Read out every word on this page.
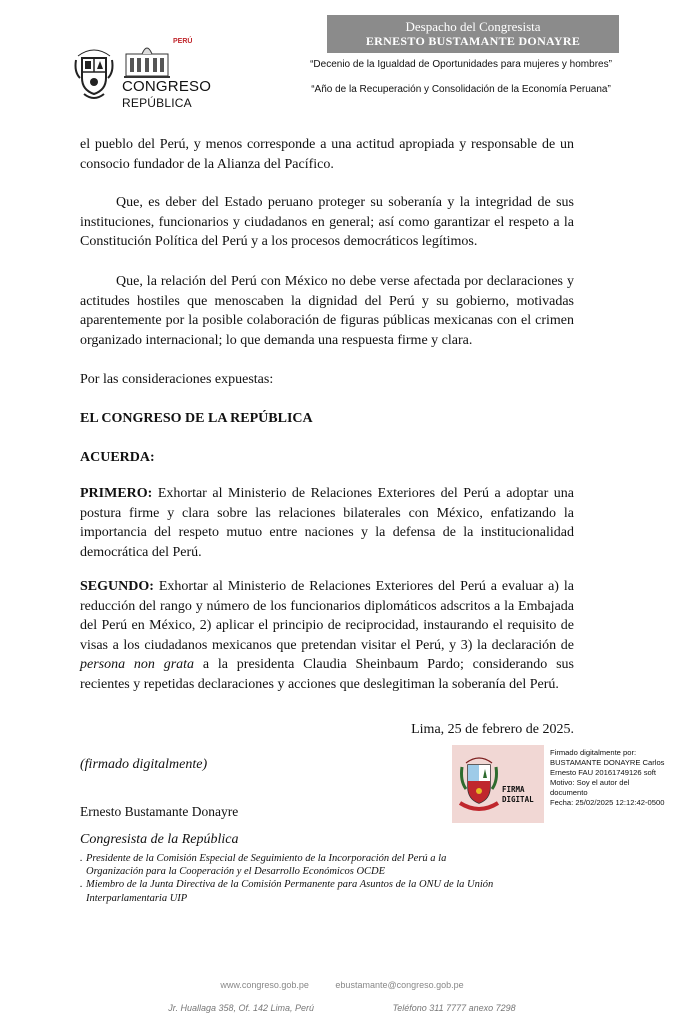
PERÚ
CONGRESO
REPÚBLICA
Despacho del Congresista
ERNESTO BUSTAMANTE DONAYRE
“Decenio de la Igualdad de Oportunidades para mujeres y hombres”
“Año de la Recuperación y Consolidación de la Economía Peruana”

el pueblo del Perú, y menos corresponde a una actitud apropiada y responsable de un consocio fundador de la Alianza del Pacífico.

Que, es deber del Estado peruano proteger su soberanía y la integridad de sus instituciones, funcionarios y ciudadanos en general; así como garantizar el respeto a la Constitución Política del Perú y a los procesos democráticos legítimos.

Que, la relación del Perú con México no debe verse afectada por declaraciones y actitudes hostiles que menoscaben la dignidad del Perú y su gobierno, motivadas aparentemente por la posible colaboración de figuras públicas mexicanas con el crimen organizado internacional; lo que demanda una respuesta firme y clara.

Por las consideraciones expuestas:

EL CONGRESO DE LA REPÚBLICA

ACUERDA:

PRIMERO: Exhortar al Ministerio de Relaciones Exteriores del Perú a adoptar una postura firme y clara sobre las relaciones bilaterales con México, enfatizando la importancia del respeto mutuo entre naciones y la defensa de la institucionalidad democrática del Perú.

SEGUNDO: Exhortar al Ministerio de Relaciones Exteriores del Perú a evaluar a) la reducción del rango y número de los funcionarios diplomáticos adscritos a la Embajada del Perú en México, 2) aplicar el principio de reciprocidad, instaurando el requisito de visas a los ciudadanos mexicanos que pretendan visitar el Perú, y 3) la declaración de persona non grata a la presidenta Claudia Sheinbaum Pardo; considerando sus recientes y repetidas declaraciones y acciones que deslegitiman la soberanía del Perú.

Lima, 25 de febrero de 2025.
(firmado digitalmente)
FIRMA
DIGITAL
Firmado digitalmente por:
BUSTAMANTE DONAYRE Carlos
Ernesto FAU 20161749126 soft
Motivo: Soy el autor del
documento
Fecha: 25/02/2025 12:12:42-0500
Ernesto Bustamante Donayre
Congresista de la República

. Presidente de la Comisión Especial de Seguimiento de la Incorporación del Perú a la Organización para la Cooperación y el Desarrollo Económicos OCDE

. Miembro de la Junta Directiva de la Comisión Permanente para Asuntos de la ONU de la Unión Interparlamentaria UIP

www.congreso.gob.pe	ebustamante@congreso.gob.pe
Jr. Huallaga 358, Of. 142 Lima, Perú	Teléfono 311 7777 anexo 7298
